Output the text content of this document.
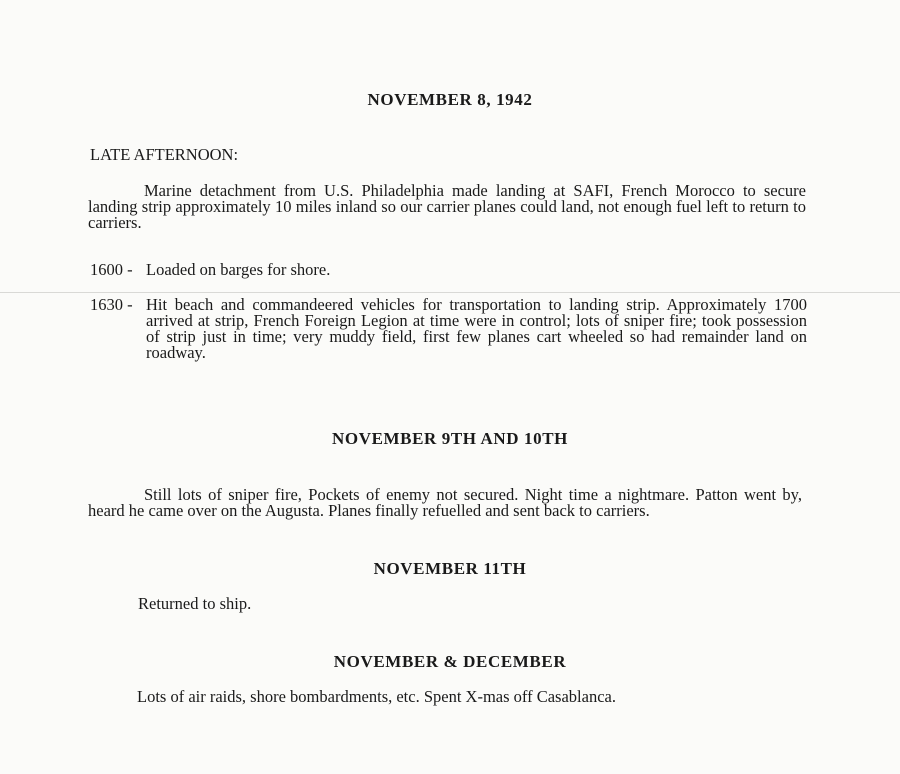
NOVEMBER 8, 1942
LATE AFTERNOON:
Marine detachment from U.S. Philadelphia made landing at SAFI, French Morocco to secure landing strip approximately 10 miles inland so our carrier planes could land, not enough fuel left to return to carriers.
1600 - Loaded on barges for shore.
1630 - Hit beach and commandeered vehicles for transportation to landing strip. Approximately 1700 arrived at strip, French Foreign Legion at time were in control; lots of sniper fire; took possession of strip just in time; very muddy field, first few planes cart wheeled so had remainder land on roadway.
NOVEMBER 9TH AND 10TH
Still lots of sniper fire, Pockets of enemy not secured. Night time a nightmare. Patton went by, heard he came over on the Augusta. Planes finally refuelled and sent back to carriers.
NOVEMBER 11TH
Returned to ship.
NOVEMBER & DECEMBER
Lots of air raids, shore bombardments, etc. Spent X-mas off Casablanca.
